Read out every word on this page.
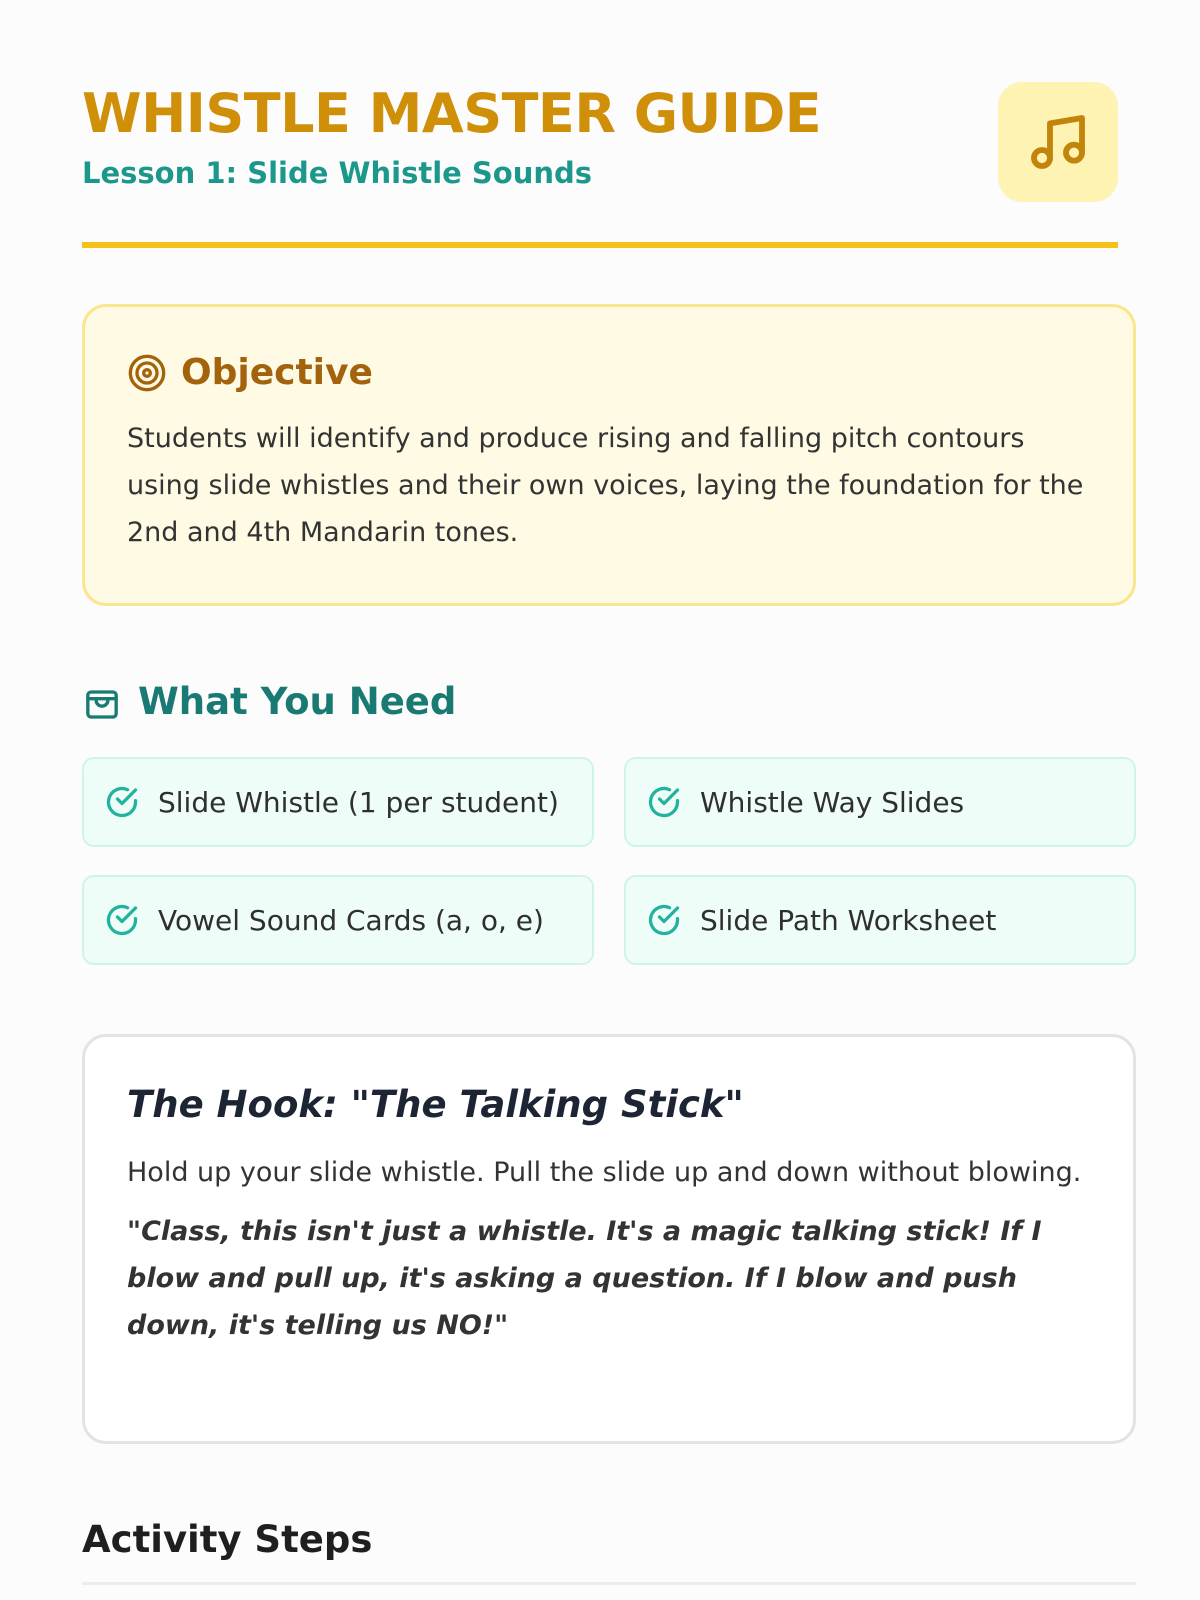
WHISTLE MASTER GUIDE
Lesson 1: Slide Whistle Sounds
Objective
Students will identify and produce rising and falling pitch contours using slide whistles and their own voices, laying the foundation for the 2nd and 4th Mandarin tones.
What You Need
Slide Whistle (1 per student)	Whistle Way Slides
Vowel Sound Cards (a, o, e)	Slide Path Worksheet
The Hook: "The Talking Stick"
Hold up your slide whistle. Pull the slide up and down without blowing.
"Class, this isn't just a whistle. It's a magic talking stick! If I blow and pull up, it's asking a question. If I blow and push down, it's telling us NO!"
Activity Steps
